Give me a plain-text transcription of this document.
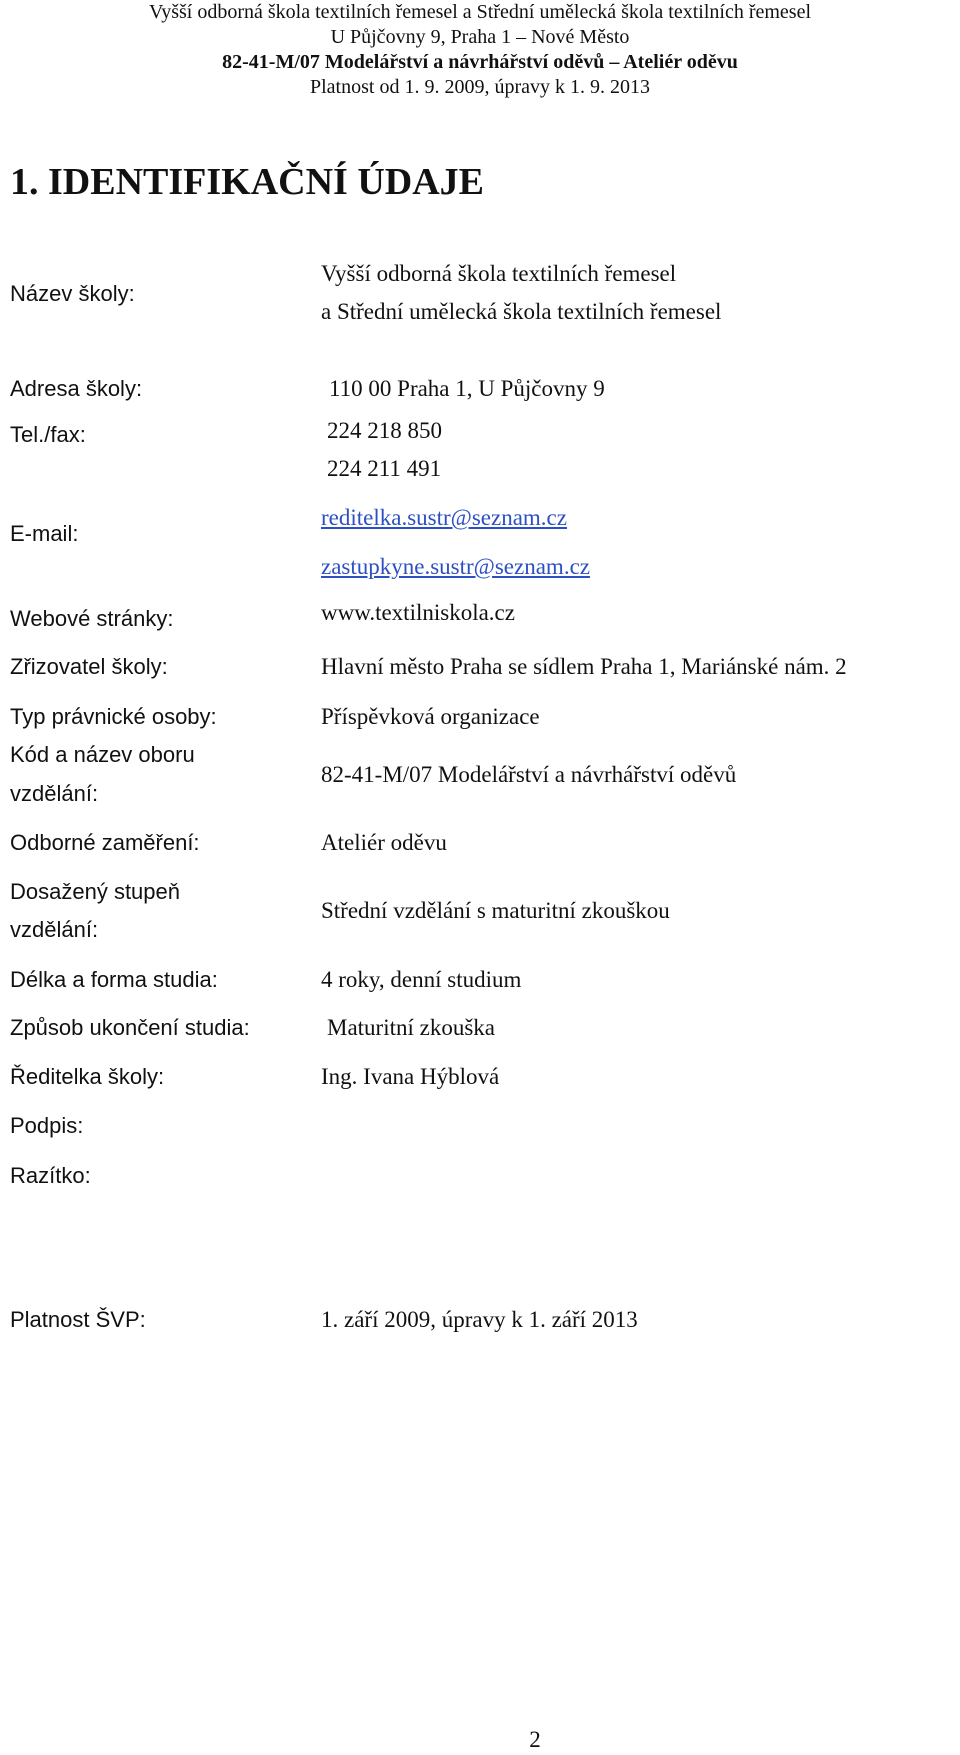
Vyšší odborná škola textilních řemesel a Střední umělecká škola textilních řemesel
U Půjčovny 9, Praha 1 – Nové Město
82-41-M/07 Modelářství a návrhářství oděvů – Ateliér oděvu
Platnost od 1. 9. 2009, úpravy k 1. 9. 2013
1. IDENTIFIKAČNÍ ÚDAJE
Název školy:
Vyšší odborná škola textilních řemesel
a Střední umělecká škola textilních řemesel
Adresa školy:	110 00 Praha 1, U Půjčovny 9
Tel./fax:	224 218 850
224 211 491
E-mail:
reditelka.sustr@seznam.cz
zastupkyne.sustr@seznam.cz
Webové stránky:	www.textilniskola.cz
Zřizovatel školy:	Hlavní město Praha se sídlem Praha 1, Mariánské nám. 2
Typ právnické osoby:	Příspěvková organizace
Kód a název oboru
vzdělání:
82-41-M/07 Modelářství a návrhářství oděvů
Odborné zaměření:	Ateliér oděvu
Dosažený stupeň
vzdělání:
Střední vzdělání s maturitní zkouškou
Délka a forma studia:	4 roky, denní studium
Způsob ukončení studia:	Maturitní zkouška
Ředitelka školy:	Ing. Ivana Hýblová
Podpis:
Razítko:
Platnost ŠVP:	1. září 2009, úpravy k 1. září 2013
2
